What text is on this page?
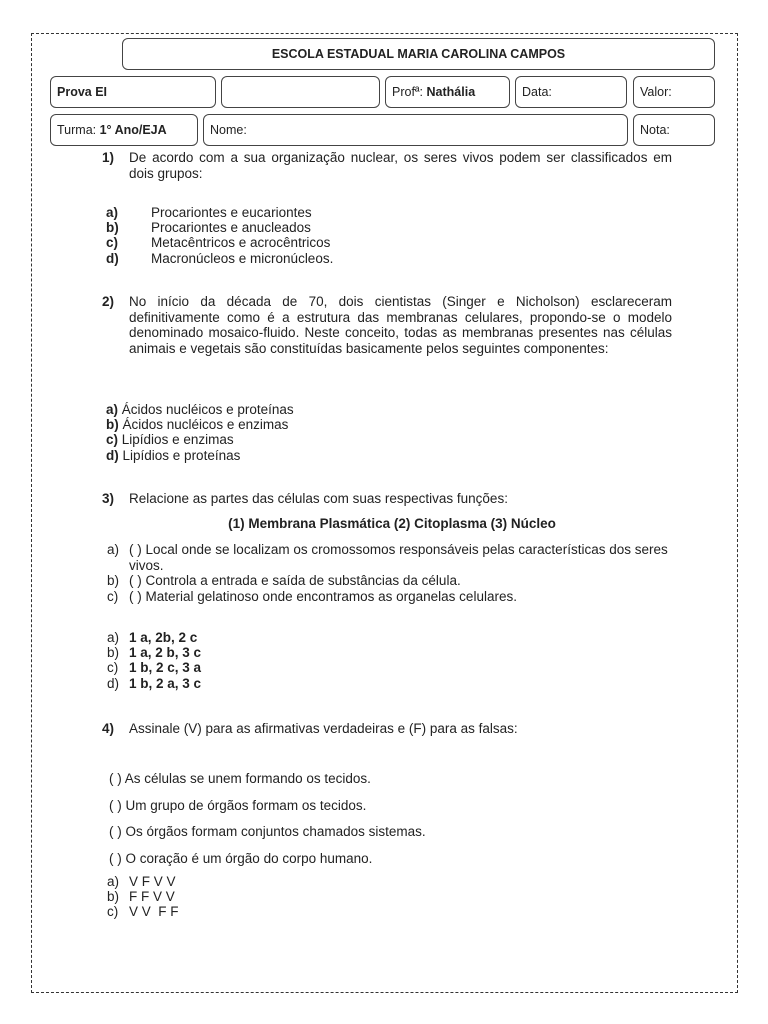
ESCOLA ESTADUAL MARIA CAROLINA CAMPOS
Prova EI	Profª:
Nathália	Data:	Valor:
Turma:
1° Ano/EJA	Nome:	Nota:
1) De acordo com a sua organização nuclear, os seres vivos podem ser classificados em dois grupos:
a) Procariontes e eucariontes
b) Procariontes e anucleados
c) Metacêntricos e acrocêntricos
d) Macronúcleos e micronúcleos.
2) No início da década de 70, dois cientistas (Singer e Nicholson) esclareceram definitivamente como é a estrutura das membranas celulares, propondo-se o modelo denominado mosaico-fluido. Neste conceito, todas as membranas presentes nas células animais e vegetais são constituídas basicamente pelos seguintes componentes:
a) Ácidos nucléicos e proteínas
b) Ácidos nucléicos e enzimas
c) Lipídios e enzimas
d) Lipídios e proteínas
3) Relacione as partes das células com suas respectivas funções:
(1) Membrana Plasmática (2) Citoplasma (3) Núcleo
a) ( ) Local onde se localizam os cromossomos responsáveis pelas características dos seres vivos.
b) ( ) Controla a entrada e saída de substâncias da célula.
c) ( ) Material gelatinoso onde encontramos as organelas celulares.
a) 1 a, 2b, 2 c
b) 1 a, 2 b, 3 c
c) 1 b, 2 c, 3 a
d) 1 b, 2 a, 3 c
4) Assinale (V) para as afirmativas verdadeiras e (F) para as falsas:
( ) As células se unem formando os tecidos.
( ) Um grupo de órgãos formam os tecidos.
( ) Os órgãos formam conjuntos chamados sistemas.
( ) O coração é um órgão do corpo humano.
a) V F V V
b) F F V V
c) V V  F F
